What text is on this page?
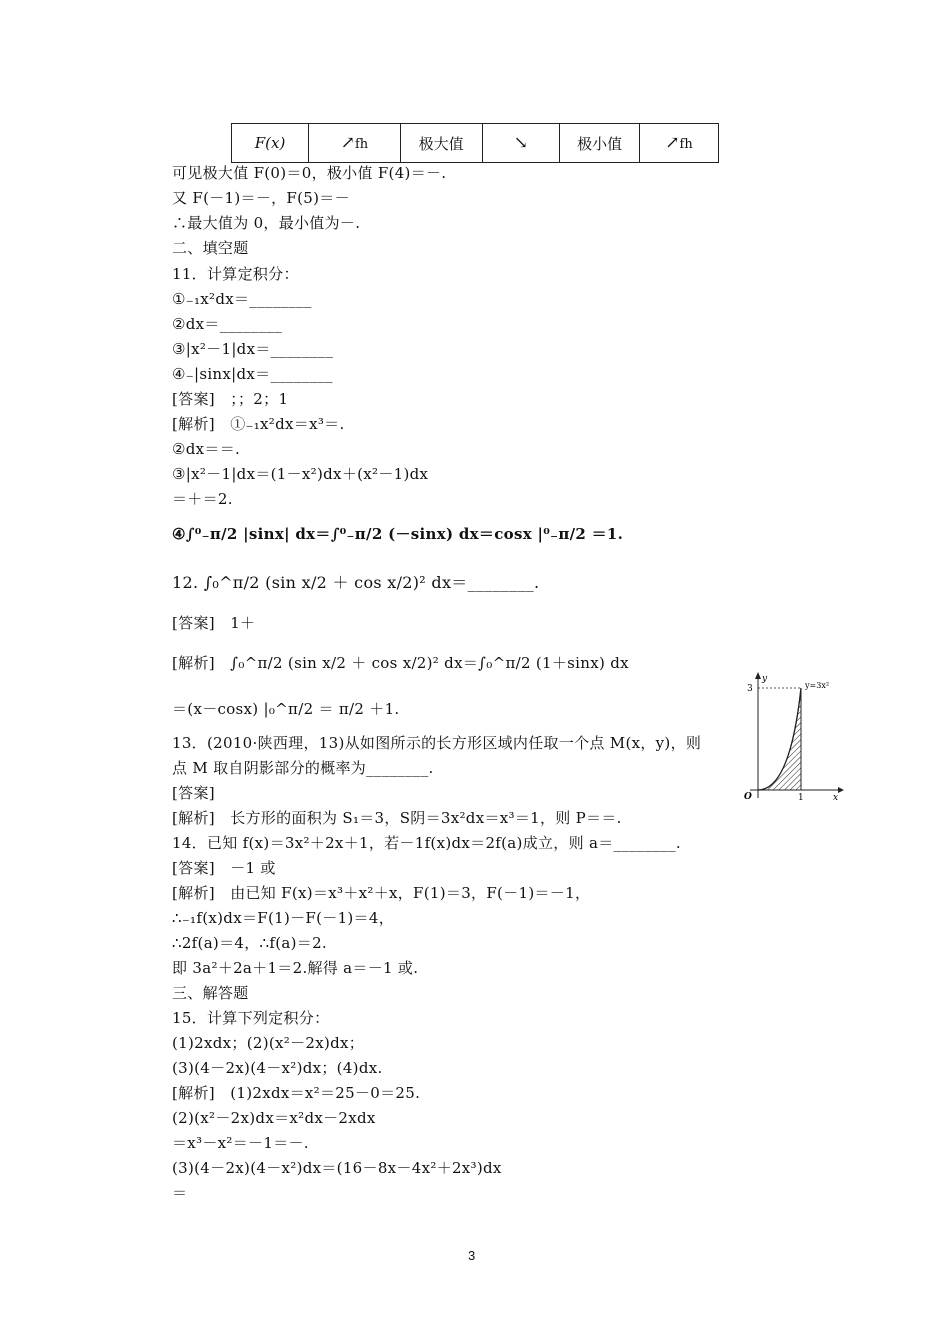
F(x)	↗fh	极大值	↘	极小值	↗fh
可见极大值 F(0)＝0，极小值 F(4)＝－.
又 F(－1)＝－，F(5)＝－
∴最大值为 0，最小值为－.
二、填空题
11．计算定积分：
①₋₁x²dx＝________
②dx＝________
③|x²－1|dx＝________
④₋|sinx|dx＝________
[答案]　；；2；1
[解析]　①₋₁x²dx＝x³＝.
②dx＝＝.
③|x²－1|dx＝(1－x²)dx＋(x²－1)dx
＝＋＝2.
④∫⁰₋π/2 |sinx| dx＝∫⁰₋π/2 (－sinx) dx＝cosx |⁰₋π/2 ＝1.
12. ∫₀^π/2 (sin x/2 ＋ cos x/2)² dx＝________.
[答案]　1＋
[解析]　∫₀^π/2 (sin x/2 ＋ cos x/2)² dx＝∫₀^π/2 (1＋sinx) dx
＝(x－cosx) |₀^π/2 ＝ π/2 ＋1.
13．(2010·陕西理，13)从如图所示的长方形区域内任取一个点 M(x，y)，则
点 M 取自阴影部分的概率为________.
[答案]
[解析]　长方形的面积为 S₁＝3，S阴＝3x²dx＝x³＝1，则 P＝＝.
14．已知 f(x)＝3x²＋2x＋1，若－1f(x)dx＝2f(a)成立，则 a＝________.
[答案]　－1 或
[解析]　由已知 F(x)＝x³＋x²＋x，F(1)＝3，F(－1)＝－1，
∴₋₁f(x)dx＝F(1)－F(－1)＝4，
∴2f(a)＝4，∴f(a)＝2.
即 3a²＋2a＋1＝2.解得 a＝－1 或.
三、解答题
15．计算下列定积分：
(1)2xdx；(2)(x²－2x)dx；
(3)(4－2x)(4－x²)dx；(4)dx.
[解析]　(1)2xdx＝x²＝25－0＝25.
(2)(x²－2x)dx＝x²dx－2xdx
＝x³－x²＝－1＝－.
(3)(4－2x)(4－x²)dx＝(16－8x－4x²＋2x³)dx
＝
y
x
O
3
1
y=3x²
3
